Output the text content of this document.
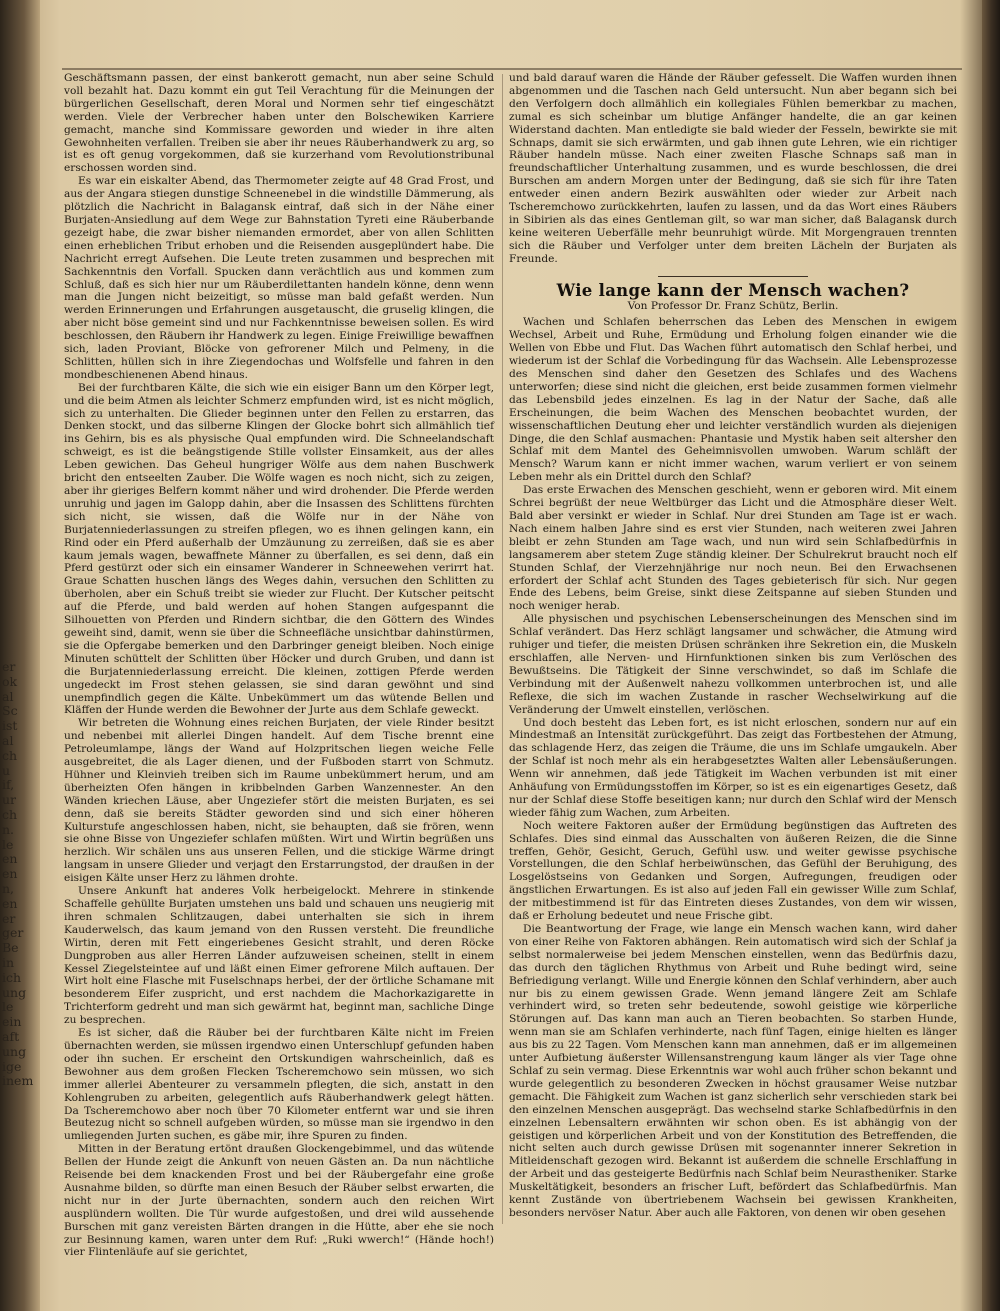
er
ok
al
Sc
ist
al
ch
u
if,
ur
ch
n.
le
en
en
n,
en
er
ger
Be
in
ich
ung
le
ein
aft
ung
ige
inem

Geschäftsmann passen, der einst bankerott gemacht, nun aber seine Schuld voll bezahlt hat. Dazu kommt ein gut Teil Verachtung für die Meinungen der bürgerlichen Gesellschaft, deren Moral und Normen sehr tief eingeschätzt werden. Viele der Verbrecher haben unter den Bolschewiken Karriere gemacht, manche sind Kommissare geworden und wieder in ihre alten Gewohnheiten verfallen. Treiben sie aber ihr neues Räuberhandwerk zu arg, so ist es oft genug vorgekommen, daß sie kurzerhand vom Revolutionstribunal erschossen worden sind.

Es war ein eiskalter Abend, das Thermometer zeigte auf 48 Grad Frost, und aus der Angara stiegen dunstige Schneenebel in die windstille Dämmerung, als plötzlich die Nachricht in Balagansk eintraf, daß sich in der Nähe einer Burjaten-Ansiedlung auf dem Wege zur Bahnstation Tyreti eine Räuberbande gezeigt habe, die zwar bisher niemanden ermordet, aber von allen Schlitten einen erheblichen Tribut erhoben und die Reisenden ausgeplündert habe. Die Nachricht erregt Aufsehen. Die Leute treten zusammen und besprechen mit Sachkenntnis den Vorfall. Spucken dann verächtlich aus und kommen zum Schluß, daß es sich hier nur um Räuberdilettanten handeln könne, denn wenn man die Jungen nicht beizeitigt, so müsse man bald gefaßt werden. Nun werden Erinnerungen und Erfahrungen ausgetauscht, die gruselig klingen, die aber nicht böse gemeint sind und nur Fachkenntnisse beweisen sollen. Es wird beschlossen, den Räubern ihr Handwerk zu legen. Einige Freiwillige bewaffnen sich, laden Proviant, Blöcke von gefrorener Milch und Pelmeny, in die Schlitten, hüllen sich in ihre Ziegendochas und Wolfsfelle und fahren in den mondbeschienenen Abend hinaus.

Bei der furchtbaren Kälte, die sich wie ein eisiger Bann um den Körper legt, und die beim Atmen als leichter Schmerz empfunden wird, ist es nicht möglich, sich zu unterhalten. Die Glieder beginnen unter den Fellen zu erstarren, das Denken stockt, und das silberne Klingen der Glocke bohrt sich allmählich tief ins Gehirn, bis es als physische Qual empfunden wird. Die Schneelandschaft schweigt, es ist die beängstigende Stille vollster Einsamkeit, aus der alles Leben gewichen. Das Geheul hungriger Wölfe aus dem nahen Buschwerk bricht den entseelten Zauber. Die Wölfe wagen es noch nicht, sich zu zeigen, aber ihr gieriges Belfern kommt näher und wird drohender. Die Pferde werden unruhig und jagen im Galopp dahin, aber die Insassen des Schlittens fürchten sich nicht, sie wissen, daß die Wölfe nur in der Nähe von Burjatenniederlassungen zu streifen pflegen, wo es ihnen gelingen kann, ein Rind oder ein Pferd außerhalb der Umzäunung zu zerreißen, daß sie es aber kaum jemals wagen, bewaffnete Männer zu überfallen, es sei denn, daß ein Pferd gestürzt oder sich ein einsamer Wanderer in Schneewehen verirrt hat. Graue Schatten huschen längs des Weges dahin, versuchen den Schlitten zu überholen, aber ein Schuß treibt sie wieder zur Flucht. Der Kutscher peitscht auf die Pferde, und bald werden auf hohen Stangen aufgespannt die Silhouetten von Pferden und Rindern sichtbar, die den Göttern des Windes geweiht sind, damit, wenn sie über die Schneefläche unsichtbar dahinstürmen, sie die Opfergabe bemerken und den Darbringer geneigt bleiben. Noch einige Minuten schüttelt der Schlitten über Höcker und durch Gruben, und dann ist die Burjatenniederlassung erreicht. Die kleinen, zottigen Pferde werden ungedeckt im Frost stehen gelassen, sie sind daran gewöhnt und sind unempfindlich gegen die Kälte. Unbekümmert um das wütende Bellen und Kläffen der Hunde werden die Bewohner der Jurte aus dem Schlafe geweckt.

Wir betreten die Wohnung eines reichen Burjaten, der viele Rinder besitzt und nebenbei mit allerlei Dingen handelt. Auf dem Tische brennt eine Petroleumlampe, längs der Wand auf Holzpritschen liegen weiche Felle ausgebreitet, die als Lager dienen, und der Fußboden starrt von Schmutz. Hühner und Kleinvieh treiben sich im Raume unbekümmert herum, und am überheizten Ofen hängen in kribbelnden Garben Wanzennester. An den Wänden kriechen Läuse, aber Ungeziefer stört die meisten Burjaten, es sei denn, daß sie bereits Städter geworden sind und sich einer höheren Kulturstufe angeschlossen haben, nicht, sie behaupten, daß sie frören, wenn sie ohne Bisse von Ungeziefer schlafen müßten. Wirt und Wirtin begrüßen uns herzlich. Wir schälen uns aus unseren Fellen, und die stickige Wärme dringt langsam in unsere Glieder und verjagt den Erstarrungstod, der draußen in der eisigen Kälte unser Herz zu lähmen drohte.

Unsere Ankunft hat anderes Volk herbeigelockt. Mehrere in stinkende Schaffelle gehüllte Burjaten umstehen uns bald und schauen uns neugierig mit ihren schmalen Schlitzaugen, dabei unterhalten sie sich in ihrem Kauderwelsch, das kaum jemand von den Russen versteht. Die freundliche Wirtin, deren mit Fett eingeriebenes Gesicht strahlt, und deren Röcke Dungproben aus aller Herren Länder aufzuweisen scheinen, stellt in einem Kessel Ziegelsteintee auf und läßt einen Eimer gefrorene Milch auftauen. Der Wirt holt eine Flasche mit Fuselschnaps herbei, der der örtliche Schamane mit besonderem Eifer zuspricht, und erst nachdem die Machorkazigarette in Trichterform gedreht und man sich gewärmt hat, beginnt man, sachliche Dinge zu besprechen.

Es ist sicher, daß die Räuber bei der furchtbaren Kälte nicht im Freien übernachten werden, sie müssen irgendwo einen Unterschlupf gefunden haben oder ihn suchen. Er erscheint den Ortskundigen wahrscheinlich, daß es Bewohner aus dem großen Flecken Tscheremchowo sein müssen, wo sich immer allerlei Abenteurer zu versammeln pflegten, die sich, anstatt in den Kohlengruben zu arbeiten, gelegentlich aufs Räuberhandwerk gelegt hätten. Da Tscheremchowo aber noch über 70 Kilometer entfernt war und sie ihren Beutezug nicht so schnell aufgeben würden, so müsse man sie irgendwo in den umliegenden Jurten suchen, es gäbe mir, ihre Spuren zu finden.

Mitten in der Beratung ertönt draußen Glockengebimmel, und das wütende Bellen der Hunde zeigt die Ankunft von neuen Gästen an. Da nun nächtliche Reisende bei dem knackenden Frost und bei der Räubergefahr eine große Ausnahme bilden, so dürfte man einen Besuch der Räuber selbst erwarten, die nicht nur in der Jurte übernachten, sondern auch den reichen Wirt ausplündern wollten. Die Tür wurde aufgestoßen, und drei wild aussehende Burschen mit ganz vereisten Bärten drangen in die Hütte, aber ehe sie noch zur Besinnung kamen, waren unter dem Ruf: „Ruki wwerch!“ (Hände hoch!) vier Flintenläufe auf sie gerichtet,

und bald darauf waren die Hände der Räuber gefesselt. Die Waffen wurden ihnen abgenommen und die Taschen nach Geld untersucht. Nun aber begann sich bei den Verfolgern doch allmählich ein kollegiales Fühlen bemerkbar zu machen, zumal es sich scheinbar um blutige Anfänger handelte, die an gar keinen Widerstand dachten. Man entledigte sie bald wieder der Fesseln, bewirkte sie mit Schnaps, damit sie sich erwärmten, und gab ihnen gute Lehren, wie ein richtiger Räuber handeln müsse. Nach einer zweiten Flasche Schnaps saß man in freundschaftlicher Unterhaltung zusammen, und es wurde beschlossen, die drei Burschen am andern Morgen unter der Bedingung, daß sie sich für ihre Taten entweder einen andern Bezirk auswählten oder wieder zur Arbeit nach Tscheremchowo zurückkehrten, laufen zu lassen, und da das Wort eines Räubers in Sibirien als das eines Gentleman gilt, so war man sicher, daß Balagansk durch keine weiteren Ueberfälle mehr beunruhigt würde. Mit Morgengrauen trennten sich die Räuber und Verfolger unter dem breiten Lächeln der Burjaten als Freunde.

Wie lange kann der Mensch wachen?
Von Professor Dr. Franz Schütz, Berlin.

Wachen und Schlafen beherrschen das Leben des Menschen in ewigem Wechsel, Arbeit und Ruhe, Ermüdung und Erholung folgen einander wie die Wellen von Ebbe und Flut. Das Wachen führt automatisch den Schlaf herbei, und wiederum ist der Schlaf die Vorbedingung für das Wachsein. Alle Lebensprozesse des Menschen sind daher den Gesetzen des Schlafes und des Wachens unterworfen; diese sind nicht die gleichen, erst beide zusammen formen vielmehr das Lebensbild jedes einzelnen. Es lag in der Natur der Sache, daß alle Erscheinungen, die beim Wachen des Menschen beobachtet wurden, der wissenschaftlichen Deutung eher und leichter verständlich wurden als diejenigen Dinge, die den Schlaf ausmachen: Phantasie und Mystik haben seit altersher den Schlaf mit dem Mantel des Geheimnisvollen umwoben. Warum schläft der Mensch? Warum kann er nicht immer wachen, warum verliert er von seinem Leben mehr als ein Drittel durch den Schlaf?

Das erste Erwachen des Menschen geschieht, wenn er geboren wird. Mit einem Schrei begrüßt der neue Weltbürger das Licht und die Atmosphäre dieser Welt. Bald aber versinkt er wieder in Schlaf. Nur drei Stunden am Tage ist er wach. Nach einem halben Jahre sind es erst vier Stunden, nach weiteren zwei Jahren bleibt er zehn Stunden am Tage wach, und nun wird sein Schlafbedürfnis in langsamerem aber stetem Zuge ständig kleiner. Der Schulrekrut braucht noch elf Stunden Schlaf, der Vierzehnjährige nur noch neun. Bei den Erwachsenen erfordert der Schlaf acht Stunden des Tages gebieterisch für sich. Nur gegen Ende des Lebens, beim Greise, sinkt diese Zeitspanne auf sieben Stunden und noch weniger herab.

Alle physischen und psychischen Lebenserscheinungen des Menschen sind im Schlaf verändert. Das Herz schlägt langsamer und schwächer, die Atmung wird ruhiger und tiefer, die meisten Drüsen schränken ihre Sekretion ein, die Muskeln erschlaffen, alle Nerven- und Hirnfunktionen sinken bis zum Verlöschen des Bewußtseins. Die Tätigkeit der Sinne verschwindet, so daß im Schlafe die Verbindung mit der Außenwelt nahezu vollkommen unterbrochen ist, und alle Reflexe, die sich im wachen Zustande in rascher Wechselwirkung auf die Veränderung der Umwelt einstellen, verlöschen.

Und doch besteht das Leben fort, es ist nicht erloschen, sondern nur auf ein Mindestmaß an Intensität zurückgeführt. Das zeigt das Fortbestehen der Atmung, das schlagende Herz, das zeigen die Träume, die uns im Schlafe umgaukeln. Aber der Schlaf ist noch mehr als ein herabgesetztes Walten aller Lebensäußerungen. Wenn wir annehmen, daß jede Tätigkeit im Wachen verbunden ist mit einer Anhäufung von Ermüdungsstoffen im Körper, so ist es ein eigenartiges Gesetz, daß nur der Schlaf diese Stoffe beseitigen kann; nur durch den Schlaf wird der Mensch wieder fähig zum Wachen, zum Arbeiten.

Noch weitere Faktoren außer der Ermüdung begünstigen das Auftreten des Schlafes. Dies sind einmal das Ausschalten von äußeren Reizen, die die Sinne treffen, Gehör, Gesicht, Geruch, Gefühl usw. und weiter gewisse psychische Vorstellungen, die den Schlaf herbeiwünschen, das Gefühl der Beruhigung, des Losgelöstseins von Gedanken und Sorgen, Aufregungen, freudigen oder ängstlichen Erwartungen. Es ist also auf jeden Fall ein gewisser Wille zum Schlaf, der mitbestimmend ist für das Eintreten dieses Zustandes, von dem wir wissen, daß er Erholung bedeutet und neue Frische gibt.

Die Beantwortung der Frage, wie lange ein Mensch wachen kann, wird daher von einer Reihe von Faktoren abhängen. Rein automatisch wird sich der Schlaf ja selbst normalerweise bei jedem Menschen einstellen, wenn das Bedürfnis dazu, das durch den täglichen Rhythmus von Arbeit und Ruhe bedingt wird, seine Befriedigung verlangt. Wille und Energie können den Schlaf verhindern, aber auch nur bis zu einem gewissen Grade. Wenn jemand längere Zeit am Schlafe verhindert wird, so treten sehr bedeutende, sowohl geistige wie körperliche Störungen auf. Das kann man auch an Tieren beobachten. So starben Hunde, wenn man sie am Schlafen verhinderte, nach fünf Tagen, einige hielten es länger aus bis zu 22 Tagen. Vom Menschen kann man annehmen, daß er im allgemeinen unter Aufbietung äußerster Willensanstrengung kaum länger als vier Tage ohne Schlaf zu sein vermag. Diese Erkenntnis war wohl auch früher schon bekannt und wurde gelegentlich zu besonderen Zwecken in höchst grausamer Weise nutzbar gemacht. Die Fähigkeit zum Wachen ist ganz sicherlich sehr verschieden stark bei den einzelnen Menschen ausgeprägt. Das wechselnd starke Schlafbedürfnis in den einzelnen Lebensaltern erwähnten wir schon oben. Es ist abhängig von der geistigen und körperlichen Arbeit und von der Konstitution des Betreffenden, die nicht selten auch durch gewisse Drüsen mit sogenannter innerer Sekretion in Mitleidenschaft gezogen wird. Bekannt ist außerdem die schnelle Erschlaffung in der Arbeit und das gesteigerte Bedürfnis nach Schlaf beim Neurastheniker. Starke Muskeltätigkeit, besonders an frischer Luft, befördert das Schlafbedürfnis. Man kennt Zustände von übertriebenem Wachsein bei gewissen Krankheiten, besonders nervöser Natur. Aber auch alle Faktoren, von denen wir oben gesehen
